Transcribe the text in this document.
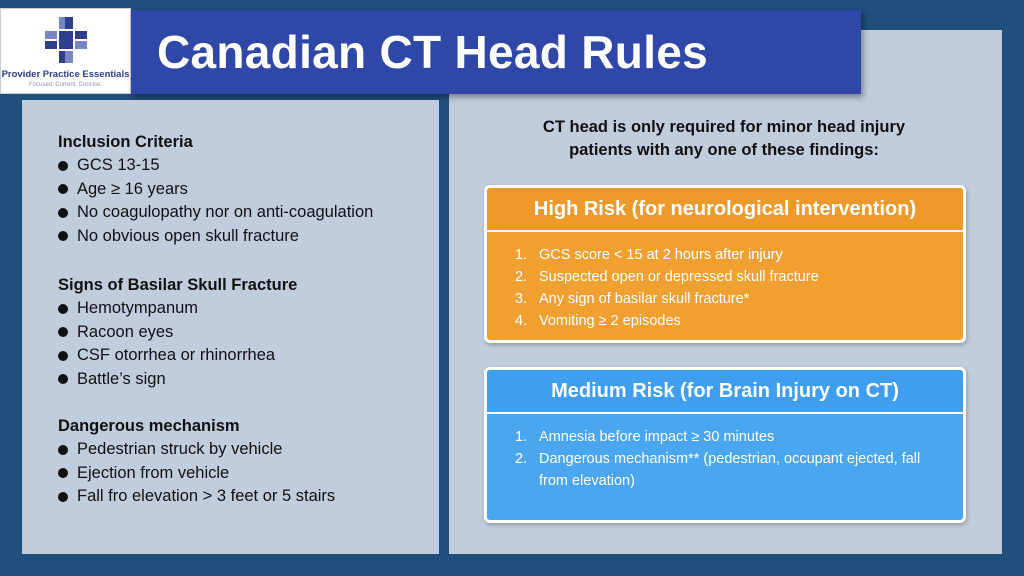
Provider Practice Essentials
Focused. Current. Concise.
CT head is only required for minor head injury
patients with any one of these findings:
High Risk (for neurological intervention)
1. GCS score < 15 at 2 hours after injury
2. Suspected open or depressed skull fracture
3. Any sign of basilar skull fracture*
4. Vomiting ≥ 2 episodes
Medium Risk (for Brain Injury on CT)
1. Amnesia before impact ≥ 30 minutes
2. Dangerous mechanism** (pedestrian, occupant ejected, fall from elevation)
Canadian CT Head Rules
Inclusion Criteria
GCS 13-15
Age ≥ 16 years
No coagulopathy nor on anti-coagulation
No obvious open skull fracture
Signs of Basilar Skull Fracture
Hemotympanum
Racoon eyes
CSF otorrhea or rhinorrhea
Battle’s sign
Dangerous mechanism
Pedestrian struck by vehicle
Ejection from vehicle
Fall fro elevation > 3 feet or 5 stairs
